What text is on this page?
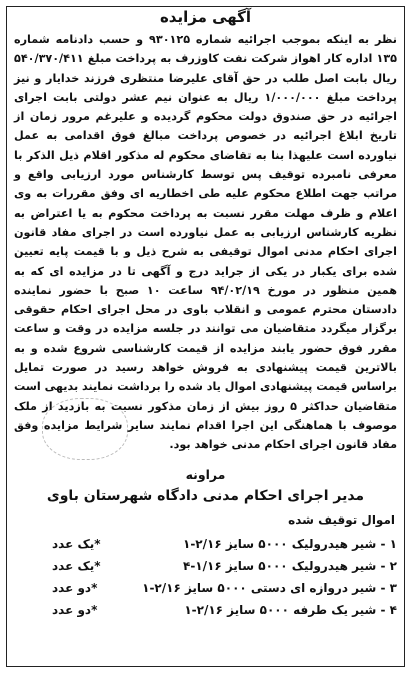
آگهی مزایده

نظر به اینکه بموجب اجرائیه شماره ۹۳۰۱۲۵ و حسب دادنامه شماره ۱۳۵ اداره کار اهواز شرکت نفت کاوزرف به پرداخت مبلغ ۵۴۰/۳۷۰/۴۱۱ ریال بابت اصل طلب در حق آقای علیرضا منتظری فرزند خدایار و نیز پرداخت مبلغ ۱/۰۰۰/۰۰۰ ریال به عنوان نیم عشر دولتی بابت اجرای اجرائیه در حق صندوق دولت محکوم گردیده و علیرغم مرور زمان از تاریخ ابلاغ اجرائیه در خصوص پرداخت مبالغ فوق اقدامی به عمل نیاورده است علیهذا بنا به تقاضای محکوم له مذکور اقلام ذیل الذکر با معرفی نامبرده توقیف پس توسط کارشناس مورد ارزیابی واقع و مراتب جهت اطلاع محکوم علیه طی اخطاریه ای وفق مقررات به وی اعلام و ظرف مهلت مقرر نسبت به پرداخت محکوم به یا اعتراض به نظریه کارشناس ارزیابی به عمل نیاورده است در اجرای مفاد قانون اجرای احکام مدنی اموال توقیفی به شرح ذیل و با قیمت پایه تعیین شده برای یکبار در یکی از جراید درج و آگهی تا در مزایده ای که به همین منظور در مورخ ۹۴/۰۲/۱۹ ساعت ۱۰ صبح با حضور نماینده دادستان محترم عمومی و انقلاب باوی در محل اجرای احکام حقوقی برگزار میگردد متقاضیان می توانند در جلسه مزایده در وقت و ساعت مقرر فوق حضور یابند مزایده از قیمت کارشناسی شروع شده و به بالاترین قیمت پیشنهادی به فروش خواهد رسید در صورت تمایل براساس قیمت پیشنهادی اموال یاد شده را برداشت نمایند بدیهی است متقاضیان حداکثر ۵ روز بیش از زمان مذکور نسبت به بازدید از ملک موصوف با هماهنگی این اجرا اقدام نمایند سایر شرایط مزایده وفق مفاد قانون اجرای احکام مدنی خواهد بود.

مراونه
مدیر اجرای احکام مدنی دادگاه شهرستان باوی
اموال توقیف شده
۱ - شیر هیدرولیک ۵۰۰۰ سایز ۲/۱۶-۱
*یک عدد
۲ - شیر هیدرولیک ۵۰۰۰ سایز ۱/۱۶-۴
*یک عدد
۳ - شیر دروازه ای دستی ۵۰۰۰ سایز ۲/۱۶-۱
*دو عدد
۴ - شیر یک طرفه ۵۰۰۰ سایز ۲/۱۶-۱
*دو عدد
